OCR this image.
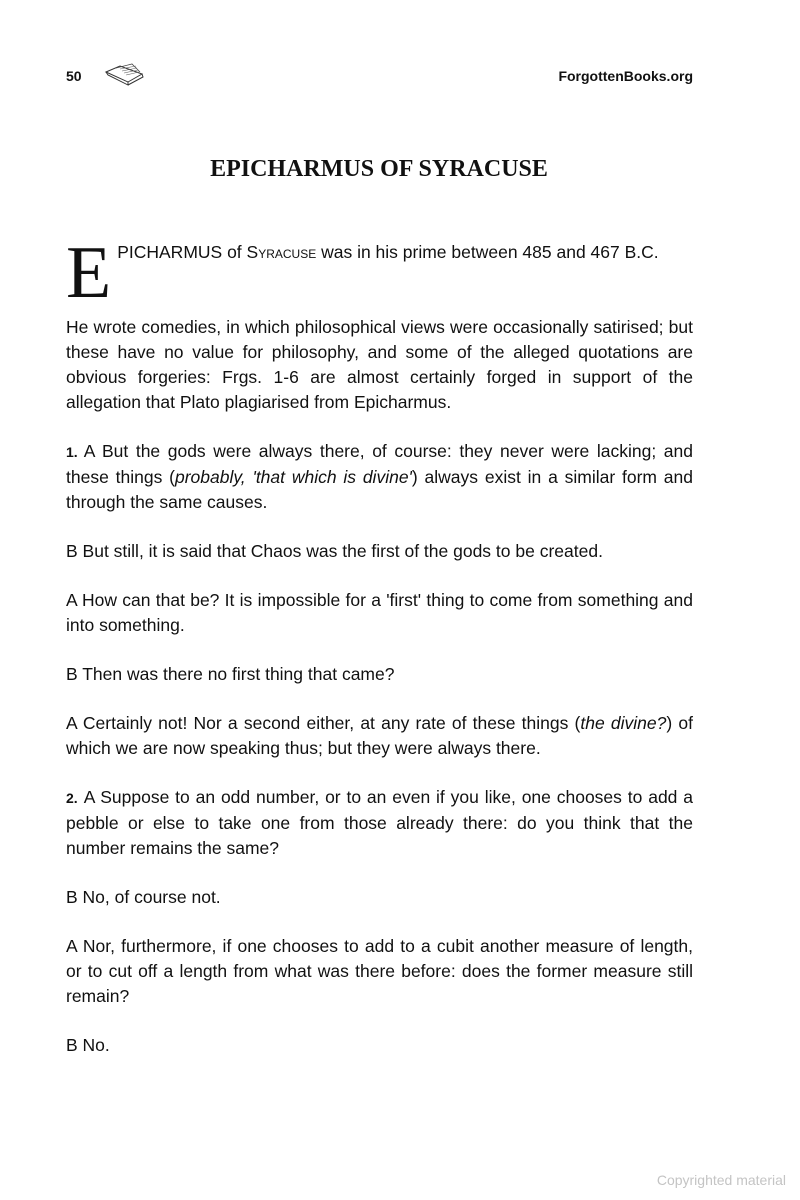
50	ForgottenBooks.org
EPICHARMUS OF SYRACUSE

EPICHARMUS of Syracuse was in his prime between 485 and 467 B.C.

He wrote comedies, in which philosophical views were occasionally satirised; but these have no value for philosophy, and some of the alleged quotations are obvious forgeries: Frgs. 1-6 are almost certainly forged in support of the allegation that Plato plagiarised from Epicharmus.

1. A But the gods were always there, of course: they never were lacking; and these things (probably, 'that which is divine') always exist in a similar form and through the same causes.

B But still, it is said that Chaos was the first of the gods to be created.

A How can that be? It is impossible for a 'first' thing to come from something and into something.

B Then was there no first thing that came?

A Certainly not! Nor a second either, at any rate of these things (the divine?) of which we are now speaking thus; but they were always there.

2. A Suppose to an odd number, or to an even if you like, one chooses to add a pebble or else to take one from those already there: do you think that the number remains the same?

B No, of course not.

A Nor, furthermore, if one chooses to add to a cubit another measure of length, or to cut off a length from what was there before: does the former measure still remain?

B No.

Copyrighted material
